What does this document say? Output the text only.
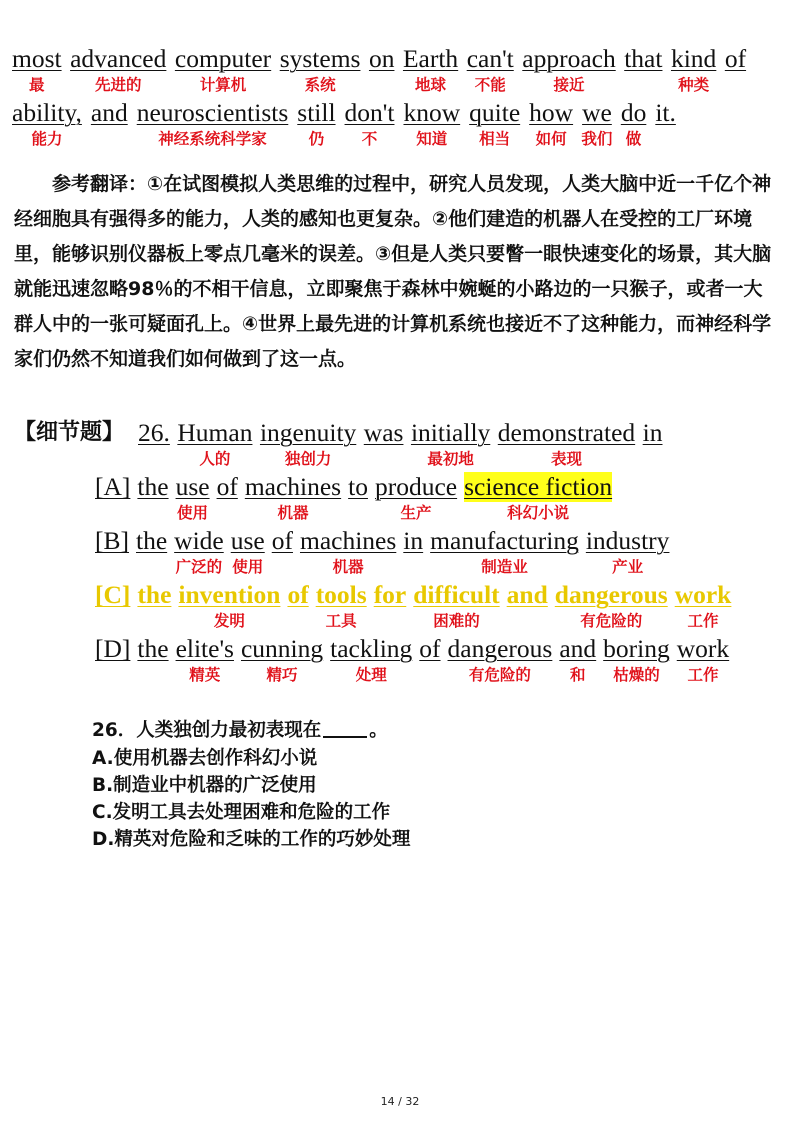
most advanced computer systems on Earth can't approach that kind of
最	先进的	计算机	系统	地球 不能	接近	种类
ability, and neuroscientists still don't know quite how we do it.
能力	神经系统科学家	仍 不	知道 相当 如何 我们 做

参考翻译：①在试图模拟人类思维的过程中，研究人员发现，人类大脑中近一千亿个神经细胞具有强得多的能力，人类的感知也更复杂。②他们建造的机器人在受控的工厂环境里，能够识别仪器板上零点几毫米的误差。③但是人类只要瞥一眼快速变化的场景，其大脑就能迅速忽略98％的不相干信息，立即聚焦于森林中婉蜒的小路边的一只猴子，或者一大群人中的一张可疑面孔上。④世界上最先进的计算机系统也接近不了这种能力，而神经科学家们仍然不知道我们如何做到了这一点。

【细节题】 26. Human ingenuity was initially demonstrated in
人的	独创力	最初地	表现
[A] the use of machines to produce science fiction
使用	机器	生产	科幻小说
[B] the wide use of machines in manufacturing industry
广泛的 使用	机器	制造业	产业
[C] the invention of tools for difficult and dangerous work
发明	工具	困难的	有危险的	工作
[D] the elite's cunning tackling of dangerous and boring work
精英	精巧	处理	有危险的	和 枯燥的 工作

26．人类独创力最初表现在	。

A.使用机器去创作科幻小说

B.制造业中机器的广泛使用

C.发明工具去处理困难和危险的工作

D.精英对危险和乏味的工作的巧妙处理

14 / 32
